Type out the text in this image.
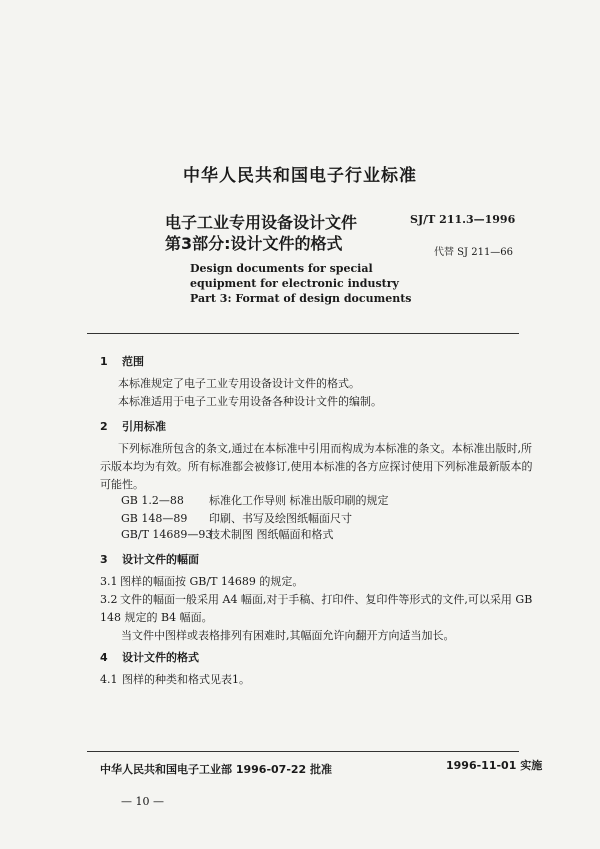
中华人民共和国电子行业标准
电子工业专用设备设计文件
第3部分:设计文件的格式
SJ/T 211.3—1996
代替 SJ 211—66
Design documents for special
equipment for electronic industry
Part 3: Format of design documents
1 范围
本标准规定了电子工业专用设备设计文件的格式。
本标准适用于电子工业专用设备各种设计文件的编制。
2 引用标准
下列标准所包含的条文,通过在本标准中引用而构成为本标准的条文。本标准出版时,所
示版本均为有效。所有标准都会被修订,使用本标准的各方应探讨使用下列标准最新版本的
可能性。
GB 1.2—88 标准化工作导则 标准出版印刷的规定
GB 148—89 印刷、书写及绘图纸幅面尺寸
GB/T 14689—93技术制图 图纸幅面和格式
3 设计文件的幅面
3.1 图样的幅面按 GB/T 14689 的规定。
3.2 文件的幅面一般采用 A4 幅面,对于手稿、打印件、复印件等形式的文件,可以采用 GB
148 规定的 B4 幅面。
当文件中图样或表格排列有困难时,其幅面允许向翻开方向适当加长。
4 设计文件的格式
4.1 图样的种类和格式见表1。
中华人民共和国电子工业部 1996-07-22 批准	1996-11-01 实施
— 10 —
